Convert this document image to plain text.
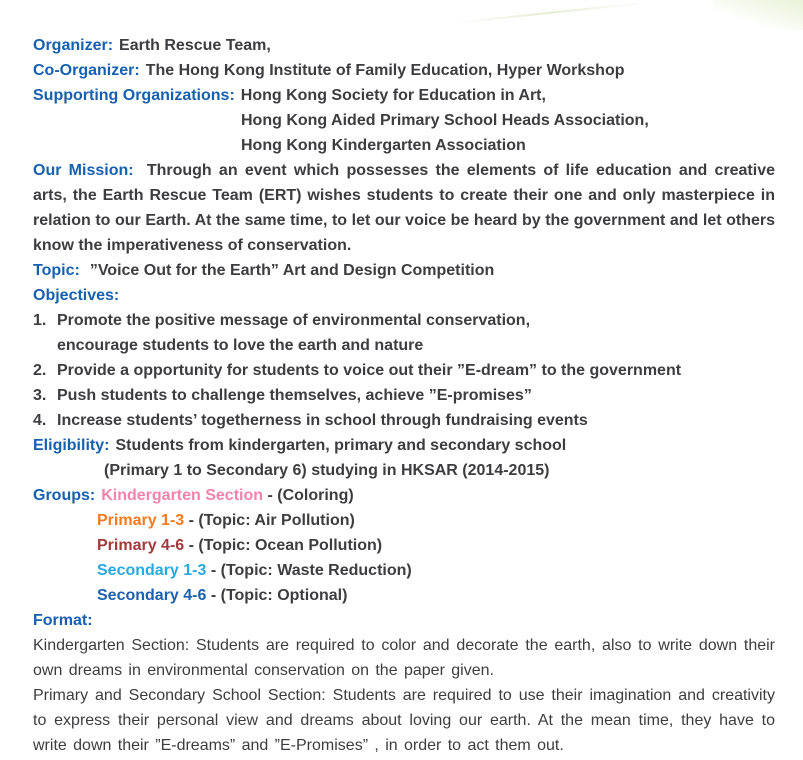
Organizer: Earth Rescue Team,
Co-Organizer: The Hong Kong Institute of Family Education, Hyper Workshop
Supporting Organizations: Hong Kong Society for Education in Art,
Hong Kong Aided Primary School Heads Association,
Hong Kong Kindergarten Association

Our Mission: Through an event which possesses the elements of life education and creative arts, the Earth Rescue Team (ERT) wishes students to create their one and only masterpiece in relation to our Earth. At the same time, to let our voice be heard by the government and let others know the imperativeness of conservation.

Topic: ”Voice Out for the Earth” Art and Design Competition
Objectives:
1. Promote the positive message of environmental conservation,
encourage students to love the earth and nature
2. Provide a opportunity for students to voice out their ”E-dream” to the government
3. Push students to challenge themselves, achieve ”E-promises”
4. Increase students’ togetherness in school through fundraising events
Eligibility: Students from kindergarten, primary and secondary school
(Primary 1 to Secondary 6) studying in HKSAR (2014-2015)
Groups: Kindergarten Section - (Coloring)
Primary 1-3 - (Topic: Air Pollution)
Primary 4-6 - (Topic: Ocean Pollution)
Secondary 1-3 - (Topic: Waste Reduction)
Secondary 4-6 - (Topic: Optional)
Format:

Kindergarten Section: Students are required to color and decorate the earth, also to write down their own dreams in environmental conservation on the paper given.

Primary and Secondary School Section: Students are required to use their imagination and creativity to express their personal view and dreams about loving our earth. At the mean time, they have to write down their ”E-dreams” and ”E-Promises” , in order to act them out.
